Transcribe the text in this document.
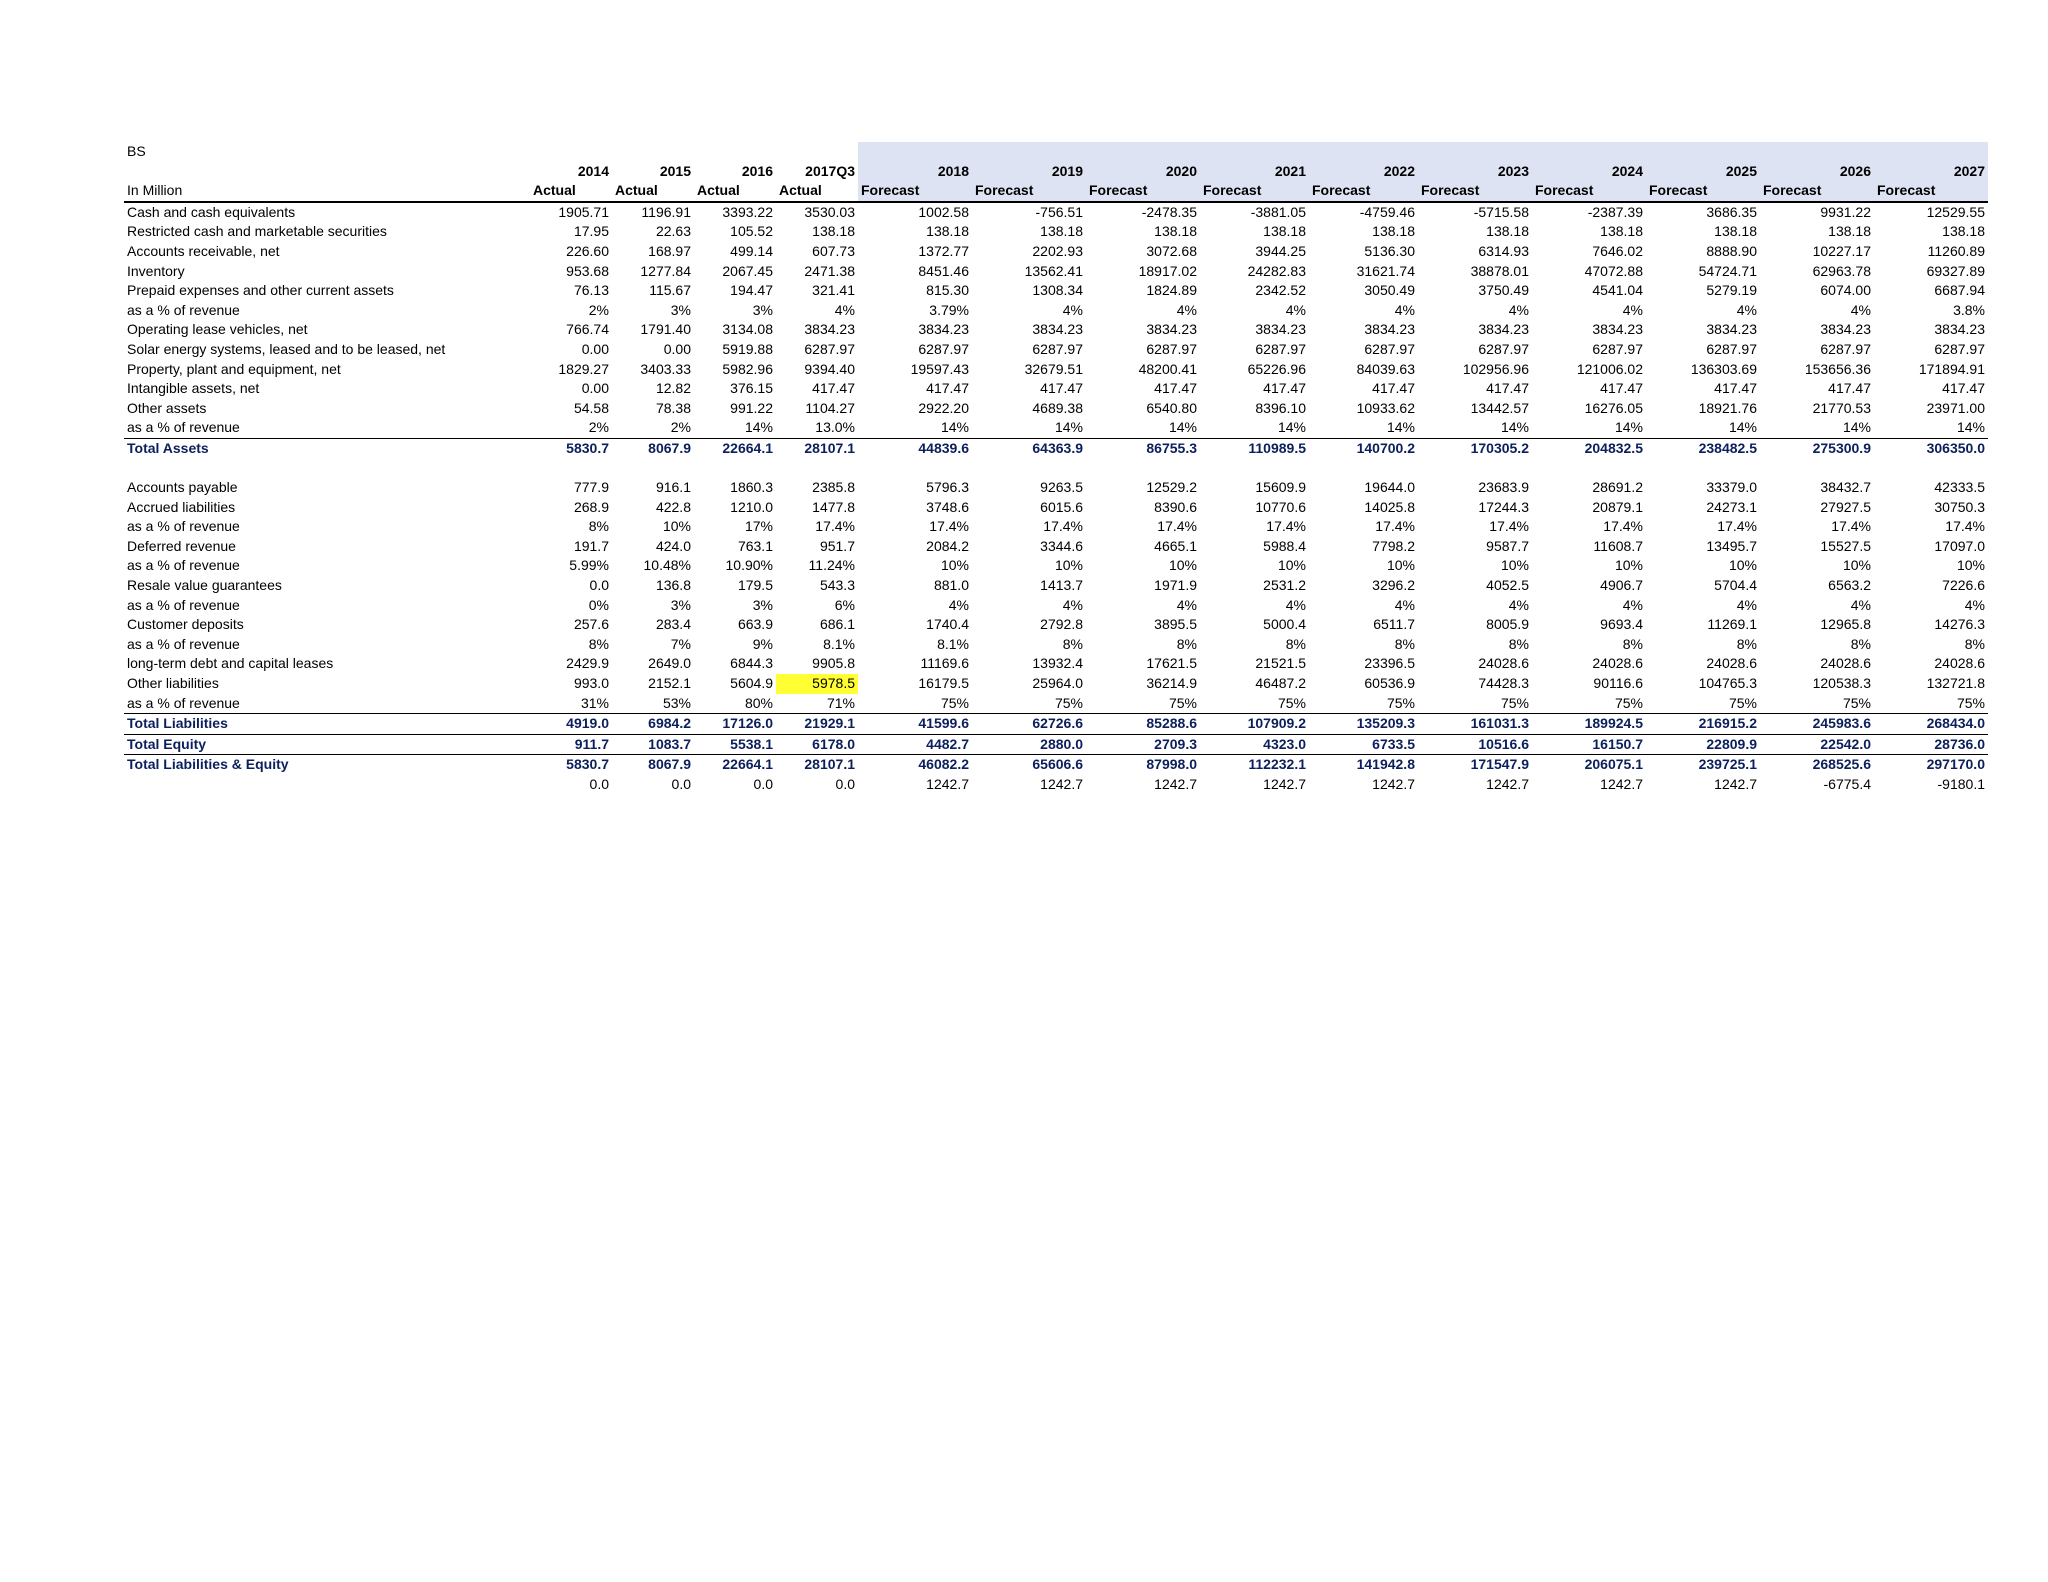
BS														
	2014	2015	2016	2017Q3	2018	2019	2020	2021	2022	2023	2024	2025	2026	2027
In Million	Actual	Actual	Actual	Actual	Forecast	Forecast	Forecast	Forecast	Forecast	Forecast	Forecast	Forecast	Forecast	Forecast
Cash and cash equivalents	1905.71	1196.91	3393.22	3530.03	1002.58	-756.51	-2478.35	-3881.05	-4759.46	-5715.58	-2387.39	3686.35	9931.22	12529.55
Restricted cash and marketable securities	17.95	22.63	105.52	138.18	138.18	138.18	138.18	138.18	138.18	138.18	138.18	138.18	138.18	138.18
Accounts receivable, net	226.60	168.97	499.14	607.73	1372.77	2202.93	3072.68	3944.25	5136.30	6314.93	7646.02	8888.90	10227.17	11260.89
Inventory	953.68	1277.84	2067.45	2471.38	8451.46	13562.41	18917.02	24282.83	31621.74	38878.01	47072.88	54724.71	62963.78	69327.89
Prepaid expenses and other current assets	76.13	115.67	194.47	321.41	815.30	1308.34	1824.89	2342.52	3050.49	3750.49	4541.04	5279.19	6074.00	6687.94
as a % of revenue	2%	3%	3%	4%	3.79%	4%	4%	4%	4%	4%	4%	4%	4%	3.8%
Operating lease vehicles, net	766.74	1791.40	3134.08	3834.23	3834.23	3834.23	3834.23	3834.23	3834.23	3834.23	3834.23	3834.23	3834.23	3834.23
Solar energy systems, leased and to be leased, net	0.00	0.00	5919.88	6287.97	6287.97	6287.97	6287.97	6287.97	6287.97	6287.97	6287.97	6287.97	6287.97	6287.97
Property, plant and equipment, net	1829.27	3403.33	5982.96	9394.40	19597.43	32679.51	48200.41	65226.96	84039.63	102956.96	121006.02	136303.69	153656.36	171894.91
Intangible assets, net	0.00	12.82	376.15	417.47	417.47	417.47	417.47	417.47	417.47	417.47	417.47	417.47	417.47	417.47
Other assets	54.58	78.38	991.22	1104.27	2922.20	4689.38	6540.80	8396.10	10933.62	13442.57	16276.05	18921.76	21770.53	23971.00
as a % of revenue	2%	2%	14%	13.0%	14%	14%	14%	14%	14%	14%	14%	14%	14%	14%
Total Assets	5830.7	8067.9	22664.1	28107.1	44839.6	64363.9	86755.3	110989.5	140700.2	170305.2	204832.5	238482.5	275300.9	306350.0

Accounts payable	777.9	916.1	1860.3	2385.8	5796.3	9263.5	12529.2	15609.9	19644.0	23683.9	28691.2	33379.0	38432.7	42333.5
Accrued liabilities	268.9	422.8	1210.0	1477.8	3748.6	6015.6	8390.6	10770.6	14025.8	17244.3	20879.1	24273.1	27927.5	30750.3
as a % of revenue	8%	10%	17%	17.4%	17.4%	17.4%	17.4%	17.4%	17.4%	17.4%	17.4%	17.4%	17.4%	17.4%
Deferred revenue	191.7	424.0	763.1	951.7	2084.2	3344.6	4665.1	5988.4	7798.2	9587.7	11608.7	13495.7	15527.5	17097.0
as a % of revenue	5.99%	10.48%	10.90%	11.24%	10%	10%	10%	10%	10%	10%	10%	10%	10%	10%
Resale value guarantees	0.0	136.8	179.5	543.3	881.0	1413.7	1971.9	2531.2	3296.2	4052.5	4906.7	5704.4	6563.2	7226.6
as a % of revenue	0%	3%	3%	6%	4%	4%	4%	4%	4%	4%	4%	4%	4%	4%
Customer deposits	257.6	283.4	663.9	686.1	1740.4	2792.8	3895.5	5000.4	6511.7	8005.9	9693.4	11269.1	12965.8	14276.3
as a % of revenue	8%	7%	9%	8.1%	8.1%	8%	8%	8%	8%	8%	8%	8%	8%	8%
long-term debt and capital leases	2429.9	2649.0	6844.3	9905.8	11169.6	13932.4	17621.5	21521.5	23396.5	24028.6	24028.6	24028.6	24028.6	24028.6
Other liabilities	993.0	2152.1	5604.9	5978.5	16179.5	25964.0	36214.9	46487.2	60536.9	74428.3	90116.6	104765.3	120538.3	132721.8
as a % of revenue	31%	53%	80%	71%	75%	75%	75%	75%	75%	75%	75%	75%	75%	75%
Total Liabilities	4919.0	6984.2	17126.0	21929.1	41599.6	62726.6	85288.6	107909.2	135209.3	161031.3	189924.5	216915.2	245983.6	268434.0
Total Equity	911.7	1083.7	5538.1	6178.0	4482.7	2880.0	2709.3	4323.0	6733.5	10516.6	16150.7	22809.9	22542.0	28736.0
Total Liabilities & Equity	5830.7	8067.9	22664.1	28107.1	46082.2	65606.6	87998.0	112232.1	141942.8	171547.9	206075.1	239725.1	268525.6	297170.0
	0.0	0.0	0.0	0.0	1242.7	1242.7	1242.7	1242.7	1242.7	1242.7	1242.7	1242.7	-6775.4	-9180.1
